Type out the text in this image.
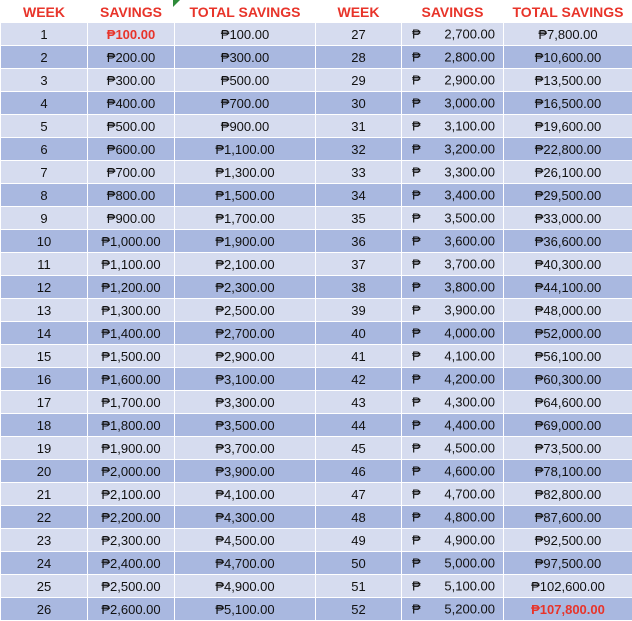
WEEK	SAVINGS	TOTAL SAVINGS	WEEK	SAVINGS	TOTAL SAVINGS
1	₱100.00	₱100.00	27	₱ 2,700.00	₱7,800.00
2	₱200.00	₱300.00	28	₱ 2,800.00	₱10,600.00
3	₱300.00	₱500.00	29	₱ 2,900.00	₱13,500.00
4	₱400.00	₱700.00	30	₱ 3,000.00	₱16,500.00
5	₱500.00	₱900.00	31	₱ 3,100.00	₱19,600.00
6	₱600.00	₱1,100.00	32	₱ 3,200.00	₱22,800.00
7	₱700.00	₱1,300.00	33	₱ 3,300.00	₱26,100.00
8	₱800.00	₱1,500.00	34	₱ 3,400.00	₱29,500.00
9	₱900.00	₱1,700.00	35	₱ 3,500.00	₱33,000.00
10	₱1,000.00	₱1,900.00	36	₱ 3,600.00	₱36,600.00
11	₱1,100.00	₱2,100.00	37	₱ 3,700.00	₱40,300.00
12	₱1,200.00	₱2,300.00	38	₱ 3,800.00	₱44,100.00
13	₱1,300.00	₱2,500.00	39	₱ 3,900.00	₱48,000.00
14	₱1,400.00	₱2,700.00	40	₱ 4,000.00	₱52,000.00
15	₱1,500.00	₱2,900.00	41	₱ 4,100.00	₱56,100.00
16	₱1,600.00	₱3,100.00	42	₱ 4,200.00	₱60,300.00
17	₱1,700.00	₱3,300.00	43	₱ 4,300.00	₱64,600.00
18	₱1,800.00	₱3,500.00	44	₱ 4,400.00	₱69,000.00
19	₱1,900.00	₱3,700.00	45	₱ 4,500.00	₱73,500.00
20	₱2,000.00	₱3,900.00	46	₱ 4,600.00	₱78,100.00
21	₱2,100.00	₱4,100.00	47	₱ 4,700.00	₱82,800.00
22	₱2,200.00	₱4,300.00	48	₱ 4,800.00	₱87,600.00
23	₱2,300.00	₱4,500.00	49	₱ 4,900.00	₱92,500.00
24	₱2,400.00	₱4,700.00	50	₱ 5,000.00	₱97,500.00
25	₱2,500.00	₱4,900.00	51	₱ 5,100.00	₱102,600.00
26	₱2,600.00	₱5,100.00	52	₱ 5,200.00	₱107,800.00
